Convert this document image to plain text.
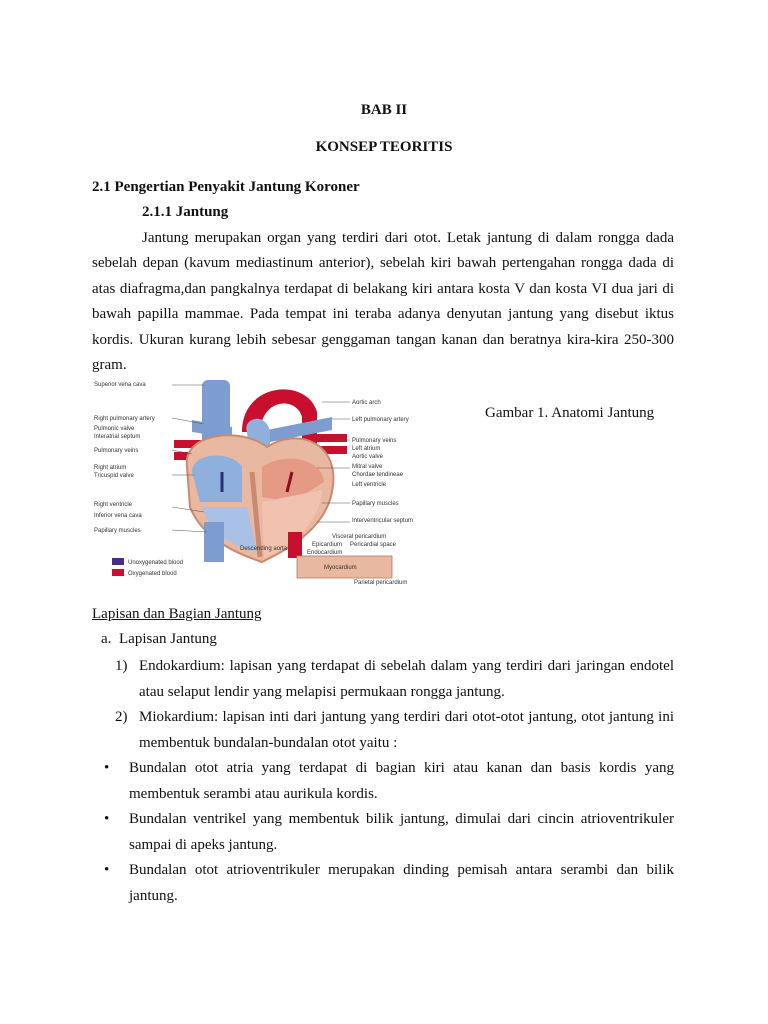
BAB II
KONSEP TEORITIS
2.1 Pengertian Penyakit Jantung Koroner
2.1.1 Jantung
Jantung merupakan organ yang terdiri dari otot. Letak jantung di dalam rongga dada sebelah depan (kavum mediastinum anterior), sebelah kiri bawah pertengahan rongga dada di atas diafragma,dan pangkalnya terdapat di belakang kiri antara kosta V dan kosta VI dua jari di bawah papilla mammae. Pada tempat ini teraba adanya denyutan jantung yang disebut iktus kordis. Ukuran kurang lebih sebesar genggaman tangan kanan dan beratnya kira-kira 250-300 gram.
Superior vena cava
Right pulmonary artery
Pulmonic valve
Interatrial septum
Pulmonary veins
Right atrium
Tricuspid valve
Right ventricle
Inferior vena cava
Papillary muscles
Aortic arch
Left pulmonary artery
Pulmonary veins
Left atrium
Aortic valve
Mitral valve
Chordae tendineae
Left ventricle
Papillary muscles
Interventricular septum
Visceral pericardium
Pericardial space
Descending aorta
Endocardium
Epicardium
Myocardium
Parietal pericardium
Unoxygenated blood
Oxygenated blood
Gambar 1. Anatomi Jantung
Lapisan dan Bagian Jantung
a. Lapisan Jantung
1) Endokardium: lapisan yang terdapat di sebelah dalam yang terdiri dari jaringan endotel atau selaput lendir yang melapisi permukaan rongga jantung.
2) Miokardium: lapisan inti dari jantung yang terdiri dari otot-otot jantung, otot jantung ini membentuk bundalan-bundalan otot yaitu :
• Bundalan otot atria yang terdapat di bagian kiri atau kanan dan basis kordis yang membentuk serambi atau aurikula kordis.
• Bundalan ventrikel yang membentuk bilik jantung, dimulai dari cincin atrioventrikuler sampai di apeks jantung.
• Bundalan otot atrioventrikuler merupakan dinding pemisah antara serambi dan bilik jantung.
